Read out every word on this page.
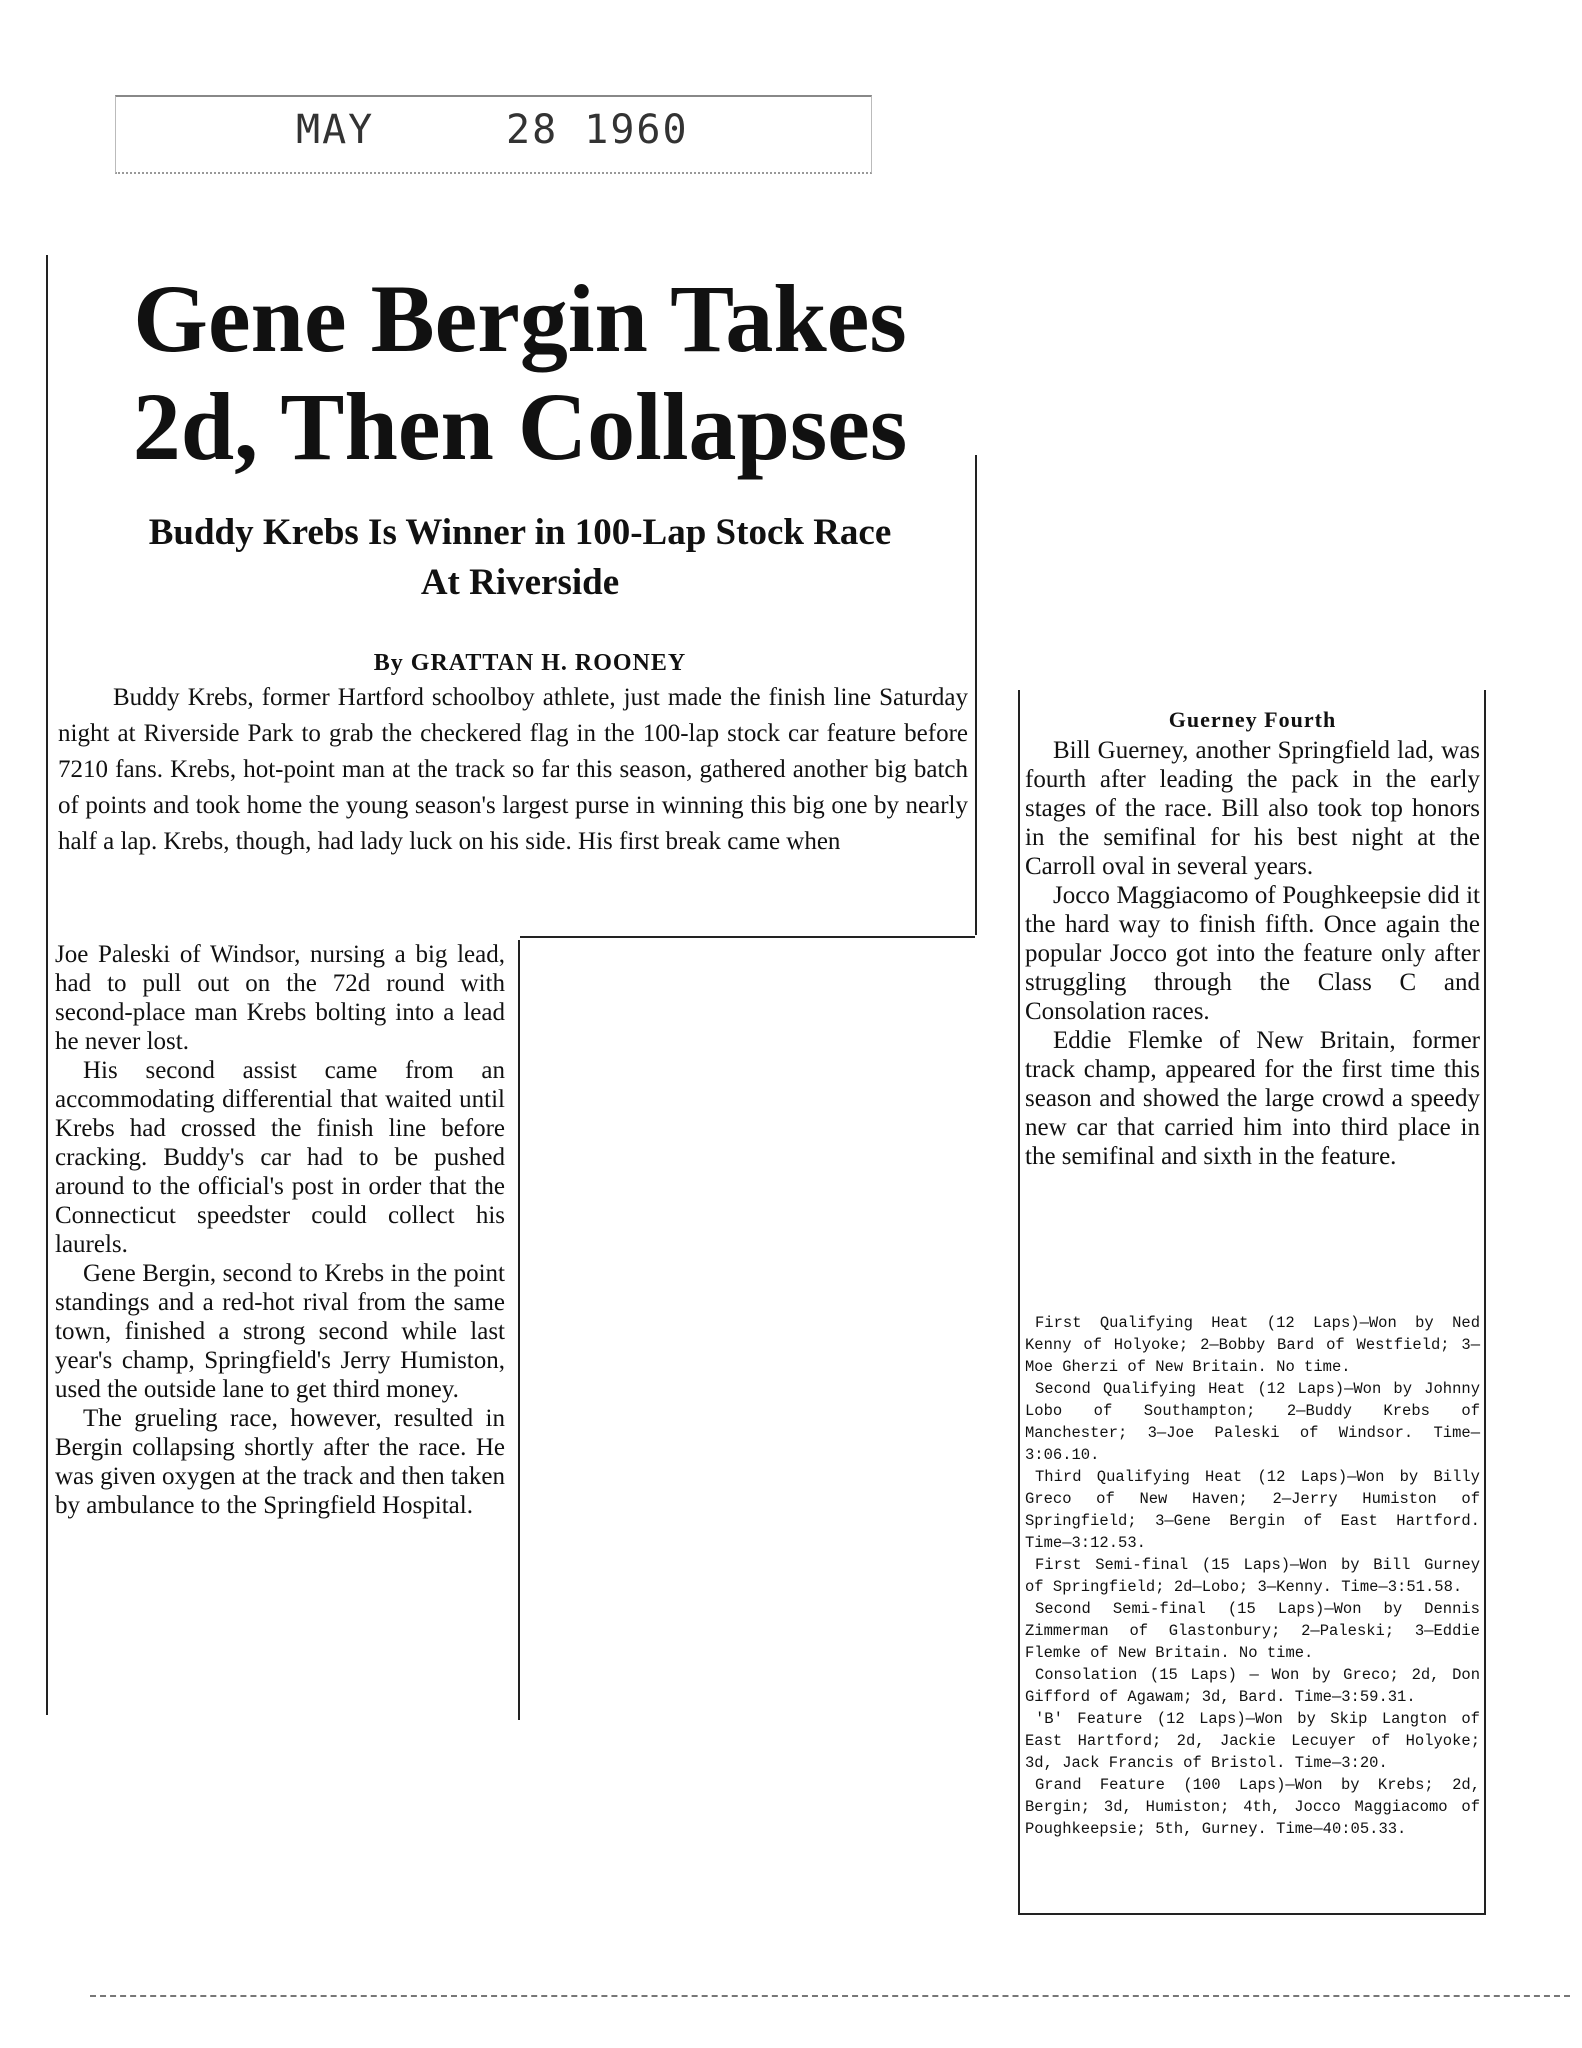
MAY	28 1960
Gene Bergin Takes
2d, Then Collapses
Buddy Krebs Is Winner in 100-Lap Stock Race
At Riverside
By GRATTAN H. ROONEY

Buddy Krebs, former Hartford schoolboy athlete, just made the finish line Saturday night at Riverside Park to grab the checkered flag in the 100-lap stock car feature before 7210 fans. Krebs, hot-point man at the track so far this season, gathered another big batch of points and took home the young season's largest purse in winning this big one by nearly half a lap. Krebs, though, had lady luck on his side. His first break came when

Joe Paleski of Windsor, nursing a big lead, had to pull out on the 72d round with second-place man Krebs bolting into a lead he never lost.

His second assist came from an accommodating differential that waited until Krebs had crossed the finish line before cracking. Buddy's car had to be pushed around to the official's post in order that the Connecticut speedster could collect his laurels.

Gene Bergin, second to Krebs in the point standings and a red-hot rival from the same town, finished a strong second while last year's champ, Springfield's Jerry Humiston, used the outside lane to get third money.

The grueling race, however, resulted in Bergin collapsing shortly after the race. He was given oxygen at the track and then taken by ambulance to the Springfield Hospital.

Guerney Fourth

Bill Guerney, another Springfield lad, was fourth after leading the pack in the early stages of the race. Bill also took top honors in the semifinal for his best night at the Carroll oval in several years.

Jocco Maggiacomo of Poughkeepsie did it the hard way to finish fifth. Once again the popular Jocco got into the feature only after struggling through the Class C and Consolation races.

Eddie Flemke of New Britain, former track champ, appeared for the first time this season and showed the large crowd a speedy new car that carried him into third place in the semifinal and sixth in the feature.

First Qualifying Heat (12 Laps)—Won by Ned Kenny of Holyoke; 2—Bobby Bard of Westfield; 3—Moe Gherzi of New Britain. No time.

Second Qualifying Heat (12 Laps)—Won by Johnny Lobo of Southampton; 2—Buddy Krebs of Manchester; 3—Joe Paleski of Windsor. Time—3:06.10.

Third Qualifying Heat (12 Laps)—Won by Billy Greco of New Haven; 2—Jerry Humiston of Springfield; 3—Gene Bergin of East Hartford. Time—3:12.53.

First Semi-final (15 Laps)—Won by Bill Gurney of Springfield; 2d—Lobo; 3—Kenny. Time—3:51.58.

Second Semi-final (15 Laps)—Won by Dennis Zimmerman of Glastonbury; 2—Paleski; 3—Eddie Flemke of New Britain. No time.

Consolation (15 Laps) — Won by Greco; 2d, Don Gifford of Agawam; 3d, Bard. Time—3:59.31.

'B' Feature (12 Laps)—Won by Skip Langton of East Hartford; 2d, Jackie Lecuyer of Holyoke; 3d, Jack Francis of Bristol. Time—3:20.

Grand Feature (100 Laps)—Won by Krebs; 2d, Bergin; 3d, Humiston; 4th, Jocco Maggiacomo of Poughkeepsie; 5th, Gurney. Time—40:05.33.
